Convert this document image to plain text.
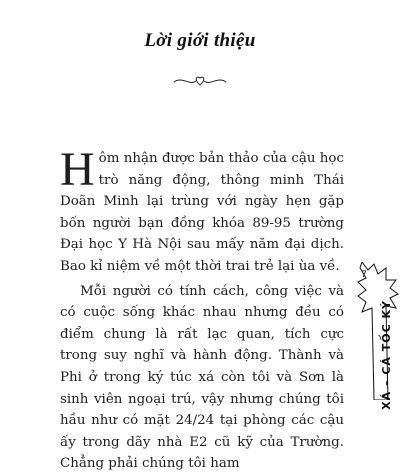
Lời giới thiệu

Hôm nhận được bản thảo của cậu học trò năng động, thông minh Thái Doãn Minh lại trùng với ngày hẹn gặp bốn người bạn đồng khóa 89-95 trường Đại học Y Hà Nội sau mấy năm đại dịch. Bao kỉ niệm về một thời trai trẻ lại ùa về.

Mỗi người có tính cách, công việc và có cuộc sống khác nhau nhưng đều có điểm chung là rất lạc quan, tích cực trong suy nghĩ và hành động. Thành và Phi ở trong ký túc xá còn tôi và Sơn là sinh viên ngoại trú, vậy nhưng chúng tôi hầu như có mặt 24/24 tại phòng các cậu ấy trong dãy nhà E2 cũ kỹ của Trường. Chẳng phải chúng tôi ham

7
XÁ – CÁ TỐC KÝ
